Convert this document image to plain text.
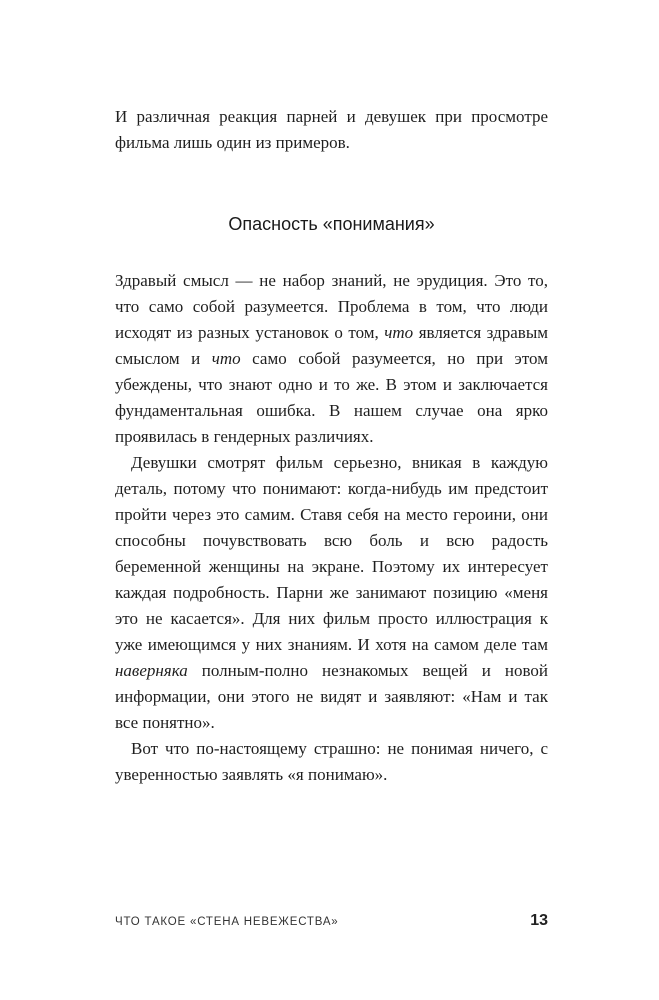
И различная реакция парней и девушек при просмотре фильма лишь один из примеров.

Опасность «понимания»

Здравый смысл — не набор знаний, не эрудиция. Это то, что само собой разумеется. Проблема в том, что люди исходят из разных установок о том, что является здравым смыслом и что само собой разумеется, но при этом убеждены, что знают одно и то же. В этом и заключается фундаментальная ошибка. В нашем случае она ярко проявилась в гендерных различиях.

Девушки смотрят фильм серьезно, вникая в каждую деталь, потому что понимают: когда-нибудь им предстоит пройти через это самим. Ставя себя на место героини, они способны почувствовать всю боль и всю радость беременной женщины на экране. Поэтому их интересует каждая подробность. Парни же занимают позицию «меня это не касается». Для них фильм просто иллюстрация к уже имеющимся у них знаниям. И хотя на самом деле там наверняка полным-полно незнакомых вещей и новой информации, они этого не видят и заявляют: «Нам и так все понятно».

Вот что по-настоящему страшно: не понимая ничего, с уверенностью заявлять «я понимаю».

ЧТО ТАКОЕ «СТЕНА НЕВЕЖЕСТВА»	13
